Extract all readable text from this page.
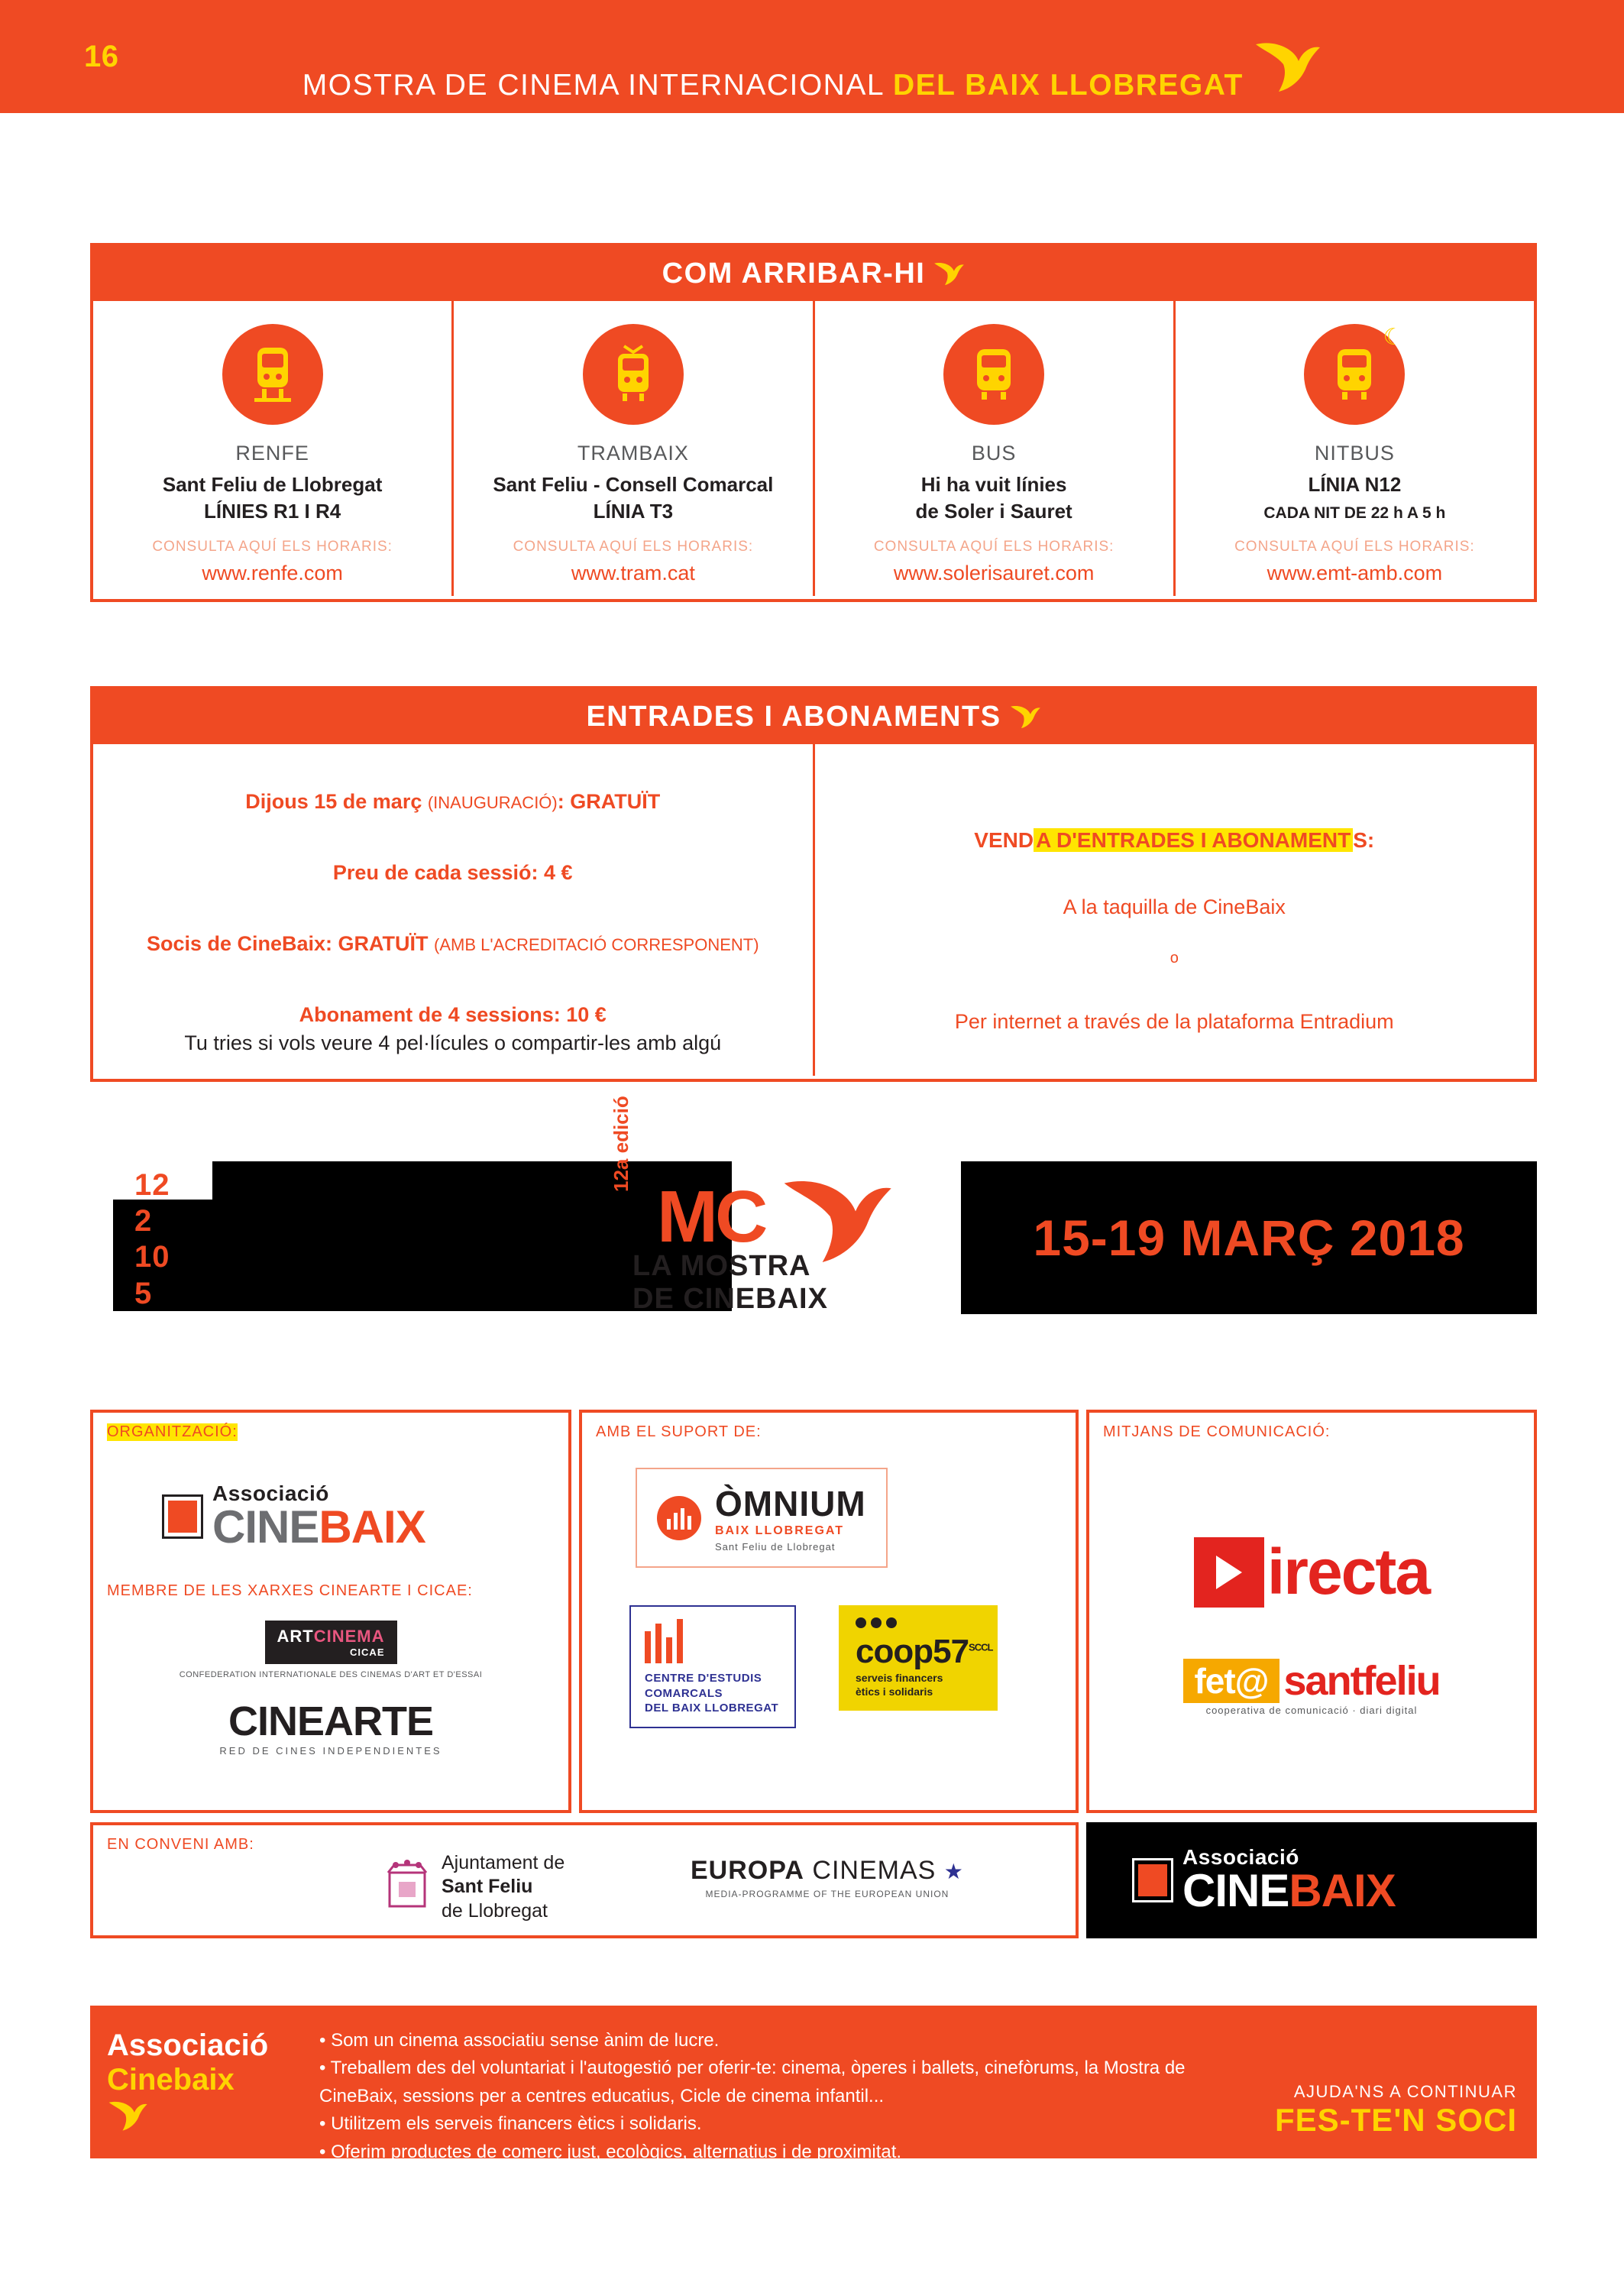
16
MOSTRA DE CINEMA INTERNACIONAL DEL BAIX LLOBREGAT
COM ARRIBAR-HI
RENFE
Sant Feliu de Llobregat
LÍNIES R1 I R4
CONSULTA AQUÍ ELS HORARIS:
www.renfe.com
TRAMBAIX
Sant Feliu - Consell Comarcal
LÍNIA T3
CONSULTA AQUÍ ELS HORARIS:
www.tram.cat
BUS
Hi ha vuit línies
de Soler i Sauret
CONSULTA AQUÍ ELS HORARIS:
www.solerisauret.com
☾
NITBUS
LÍNIA N12
CADA NIT DE 22 h A 5 h
CONSULTA AQUÍ ELS HORARIS:
www.emt-amb.com
ENTRADES I ABONAMENTS
Dijous 15 de març (INAUGURACIÓ): GRATUÏT
Preu de cada sessió: 4 €
Socis de CineBaix: GRATUÏT (AMB L'ACREDITACIÓ CORRESPONENT)
Abonament de 4 sessions: 10 €
Tu tries si vols veure 4 pel·lícules o compartir-les amb algú
VEND A D'ENTRADES I ABONAMENT S:
A la taquilla de CineBaix
o
Per internet a través de la plataforma Entradium
12
2
10
5
12a edició
MC
LA MOSTRA
DE CINEBAIX
15-19 MARÇ 2018
ORGANITZACIÓ:
Associació
CINEBAIX
MEMBRE DE LES XARXES CINEARTE I CICAE:
ARTCINEMA
CICAE
CONFEDERATION INTERNATIONALE DES CINEMAS D'ART ET D'ESSAI
CINEARTE
RED DE CINES INDEPENDIENTES
AMB EL SUPORT DE:
ÒMNIUM
BAIX LLOBREGAT
Sant Feliu de Llobregat
CENTRE D'ESTUDIS
COMARCALS
DEL BAIX LLOBREGAT
$coop57^{SCCL}$
serveis financers
ètics i solidaris
MITJANS DE COMUNICACIÓ:
irecta
fet@ santfeliu
cooperativa de comunicació · diari digital
EN CONVENI AMB:
Ajuntament de
Sant Feliu
de Llobregat
EUROPA CINEMAS ★
MEDIA-PROGRAMME OF THE EUROPEAN UNION
Associació
CINEBAIX
Associació
Cinebaix
• Som un cinema associatiu sense ànim de lucre.
• Treballem des del voluntariat i l'autogestió per oferir-te: cinema, òperes i ballets, cinefòrums, la Mostra de CineBaix, sessions per a centres educatius, Cicle de cinema infantil...
• Utilitzem els serveis financers ètics i solidaris.
• Oferim productes de comerç just, ecològics, alternatius i de proximitat.
AJUDA'NS A CONTINUAR
FES-TE'N SOCI
